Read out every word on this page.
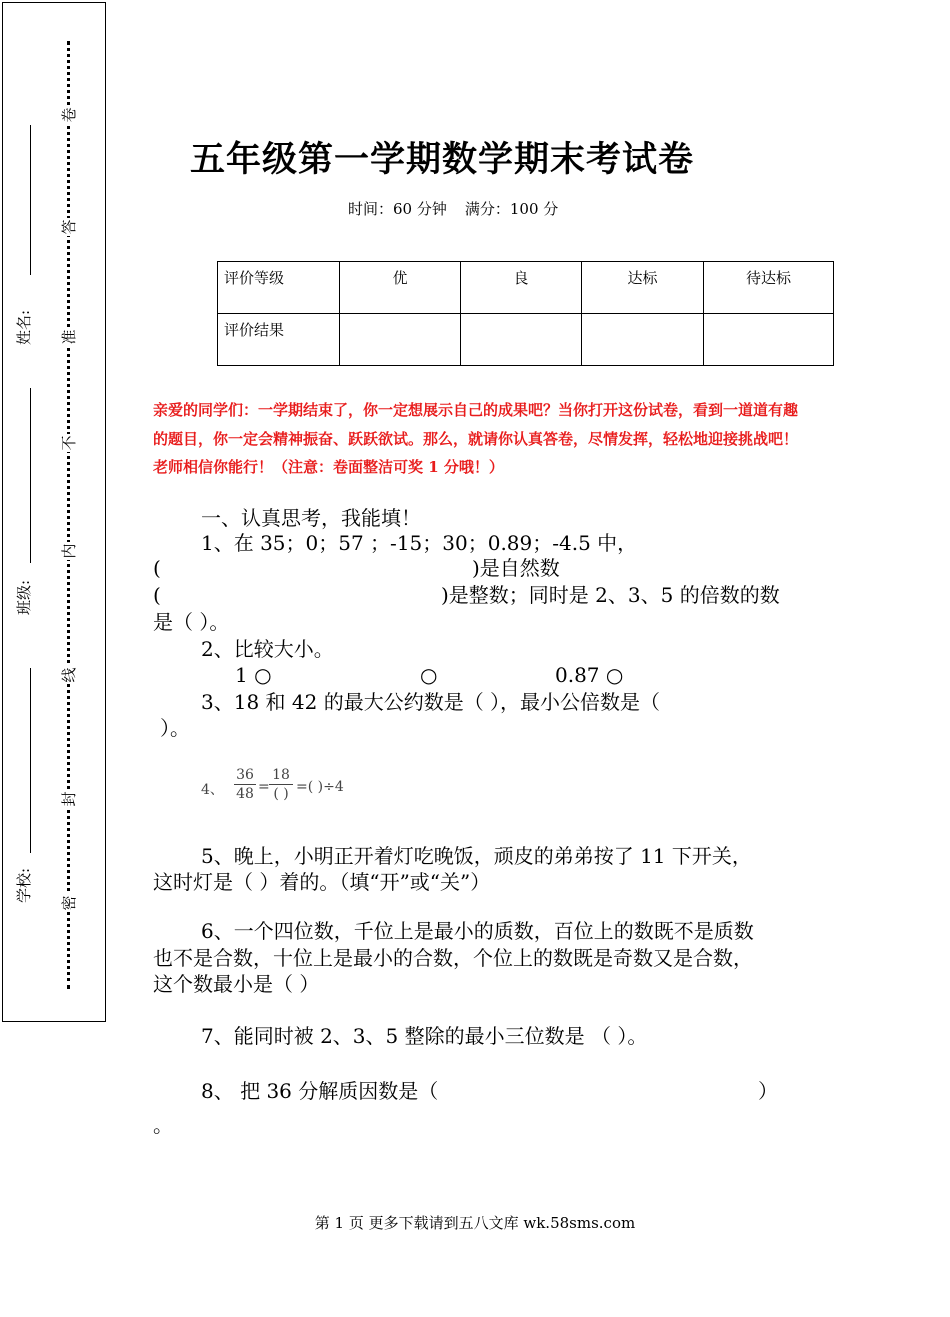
姓名:
班级:
学校:
卷
答
准
不
内
线
封
密
五年级第一学期数学期末考试卷
时间：60 分钟 满分：100 分
评价等级	优	良	达标	待达标
评价结果				
亲爱的同学们：一学期结束了，你一定想展示自己的成果吧？当你打开这份试卷，看到一道道有趣的题目，你一定会精神振奋、跃跃欲试。那么，就请你认真答卷，尽情发挥，轻松地迎接挑战吧！老师相信你能行！（注意：卷面整洁可奖 1 分哦！）
一、认真思考，我能填！
1、在 35；0；57 ；-15；30；0.89；-4.5 中，
(	)是自然数
(	)是整数；同时是 2、3、5 的倍数的数
是（ ）。
2、比较大小。
1 ○	○	0.87 ○
3、18 和 42 的最大公约数是（ ），最小公倍数是（
）。
4、
36
48 =
18
( ) =( )÷4
5、晚上，小明正开着灯吃晚饭，顽皮的弟弟按了 11 下开关，
这时灯是（ ）着的。（填“开”或“关”）
6、一个四位数，千位上是最小的质数，百位上的数既不是质数
也不是合数，十位上是最小的合数，个位上的数既是奇数又是合数，
这个数最小是（ ）
7、能同时被 2、3、5 整除的最小三位数是 （ ）。
8、 把 36 分解质因数是（	）
。
第 1 页 更多下载请到五八文库 wk.58sms.com
